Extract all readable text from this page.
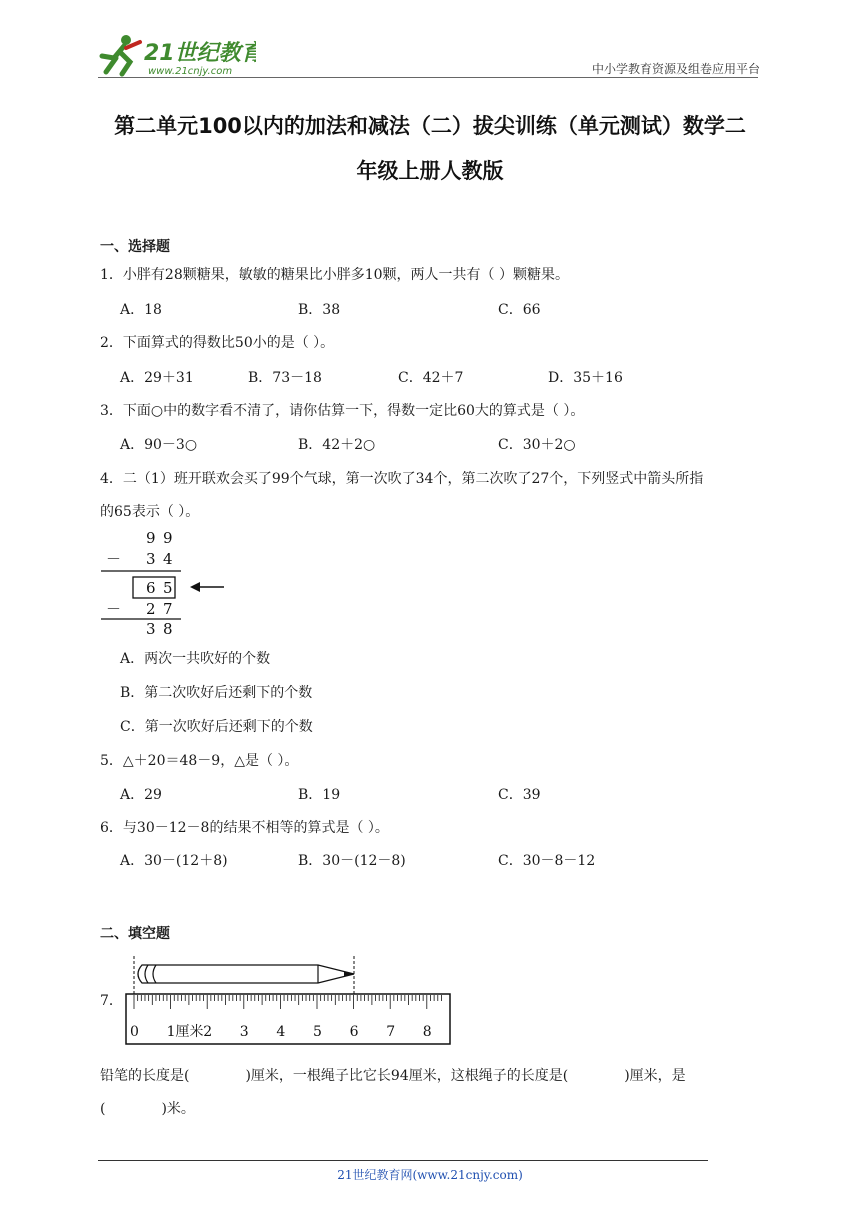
21世纪教育
www.21cnjy.com	中小学教育资源及组卷应用平台
第二单元100以内的加法和减法（二）拔尖训练（单元测试）数学二
年级上册人教版
一、选择题
1．小胖有28颗糖果，敏敏的糖果比小胖多10颗，两人一共有（ ）颗糖果。
A．18	B．38	C．66
2．下面算式的得数比50小的是（ ）。
A．29＋31	B．73－18	C．42＋7	D．35＋16
3．下面○中的数字看不清了，请你估算一下，得数一定比60大的算式是（ ）。
A．90－3○	B．42＋2○	C．30＋2○
4．二（1）班开联欢会买了99个气球，第一次吹了34个，第二次吹了27个，下列竖式中箭头所指
的65表示（ ）。
9 9
－ 3 4
6 5
－ 2 7
3 8
A．两次一共吹好的个数
B．第二次吹好后还剩下的个数
C．第一次吹好后还剩下的个数
5．△＋20＝48－9，△是（ ）。
A．29	B．19	C．39
6．与30－12－8的结果不相等的算式是（ ）。
A．30－(12＋8)	B．30－(12－8)	C．30－8－12
二、填空题
7．
0 1厘米 2 3 4 5 6 7 8
铅笔的长度是(	)厘米，一根绳子比它长94厘米，这根绳子的长度是(	)厘米，是
(	)米。
21世纪教育网(www.21cnjy.com)
